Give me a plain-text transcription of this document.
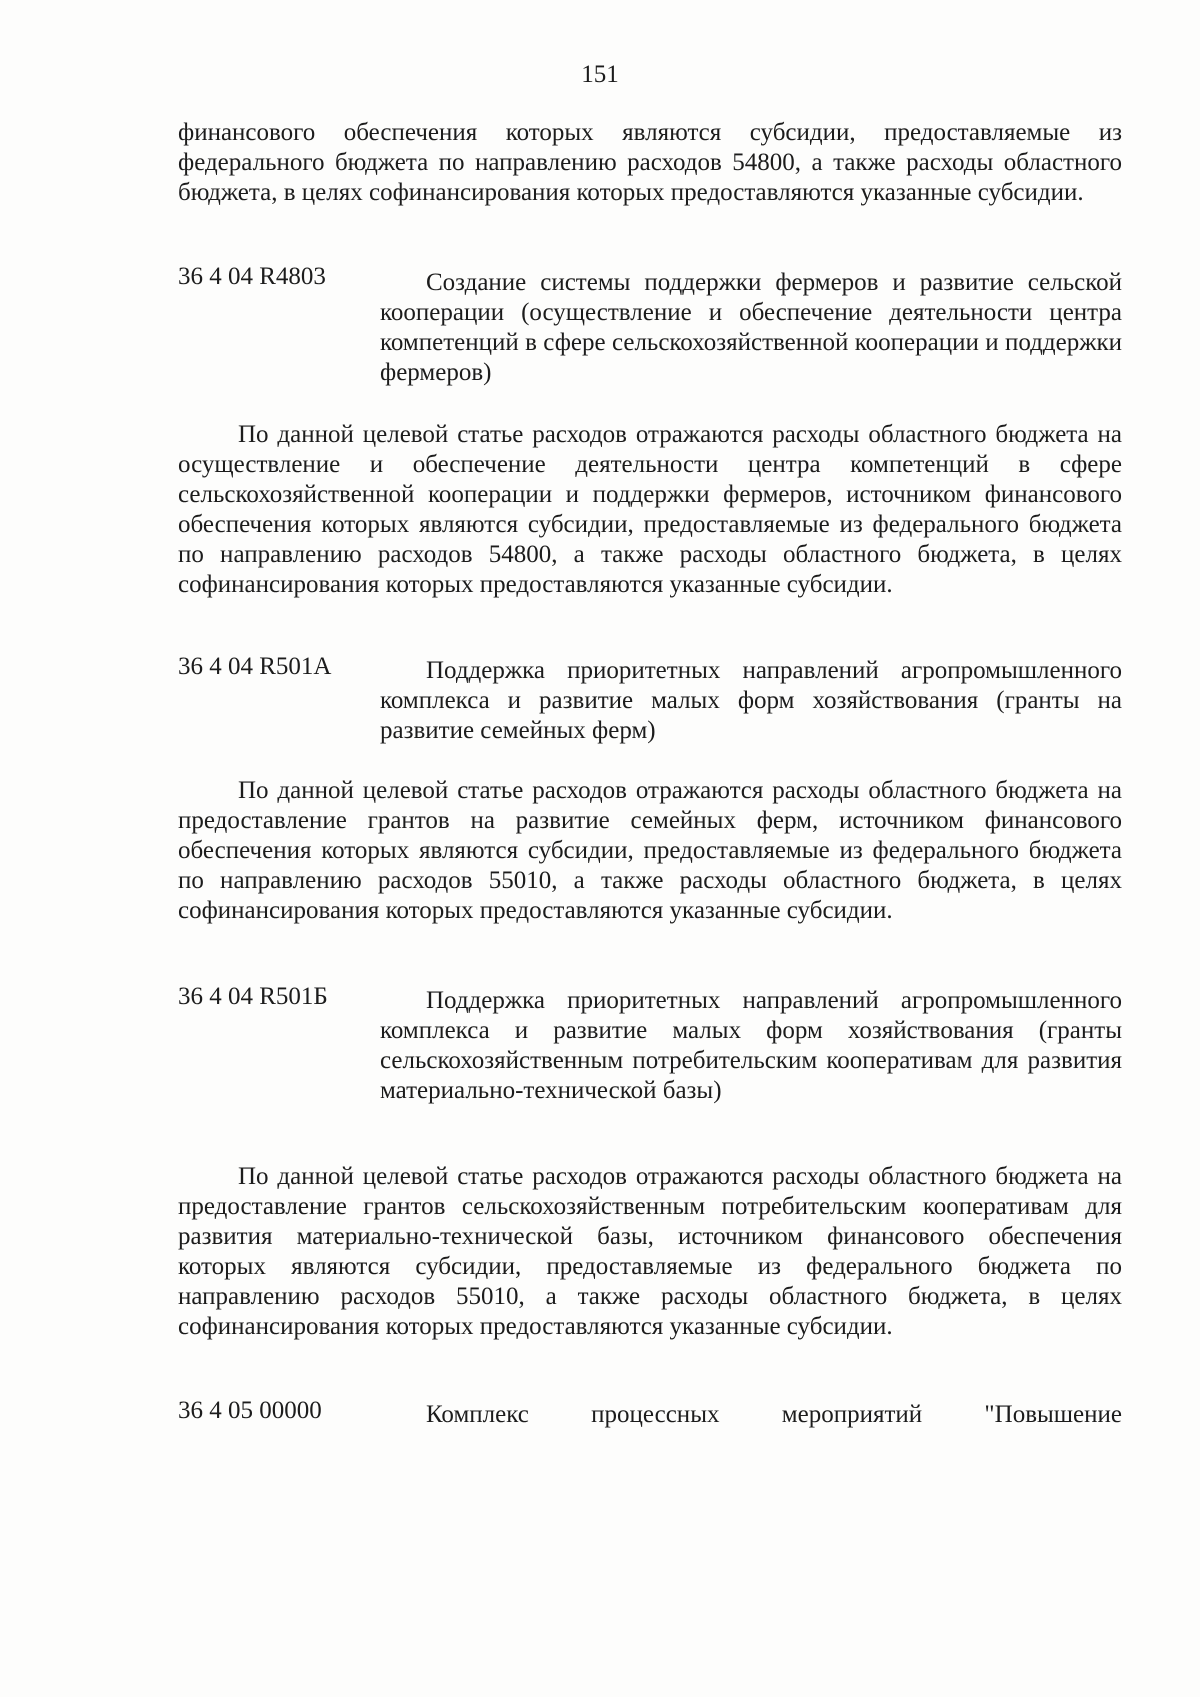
151
финансового обеспечения которых являются субсидии, предоставляемые из федерального бюджета по направлению расходов 54800, а также расходы областного бюджета, в целях софинансирования которых предоставляются указанные субсидии.
36 4 04 R4803	Создание системы поддержки фермеров и развитие сельской кооперации (осуществление и обеспечение деятельности центра компетенций в сфере сельскохозяйственной кооперации и поддержки фермеров)
По данной целевой статье расходов отражаются расходы областного бюджета на осуществление и обеспечение деятельности центра компетенций в сфере сельскохозяйственной кооперации и поддержки фермеров, источником финансового обеспечения которых являются субсидии, предоставляемые из федерального бюджета по направлению расходов 54800, а также расходы областного бюджета, в целях софинансирования которых предоставляются указанные субсидии.
36 4 04 R501А	Поддержка приоритетных направлений агропромышленного комплекса и развитие малых форм хозяйствования (гранты на развитие семейных ферм)
По данной целевой статье расходов отражаются расходы областного бюджета на предоставление грантов на развитие семейных ферм, источником финансового обеспечения которых являются субсидии, предоставляемые из федерального бюджета по направлению расходов 55010, а также расходы областного бюджета, в целях софинансирования которых предоставляются указанные субсидии.
36 4 04 R501Б	Поддержка приоритетных направлений агропромышленного комплекса и развитие малых форм хозяйствования (гранты сельскохозяйственным потребительским кооперативам для развития материально-технической базы)
По данной целевой статье расходов отражаются расходы областного бюджета на предоставление грантов сельскохозяйственным потребительским кооперативам для развития материально-технической базы, источником финансового обеспечения которых являются субсидии, предоставляемые из федерального бюджета по направлению расходов 55010, а также расходы областного бюджета, в целях софинансирования которых предоставляются указанные субсидии.
36 4 05 00000	Комплекс процессных мероприятий "Повышение
